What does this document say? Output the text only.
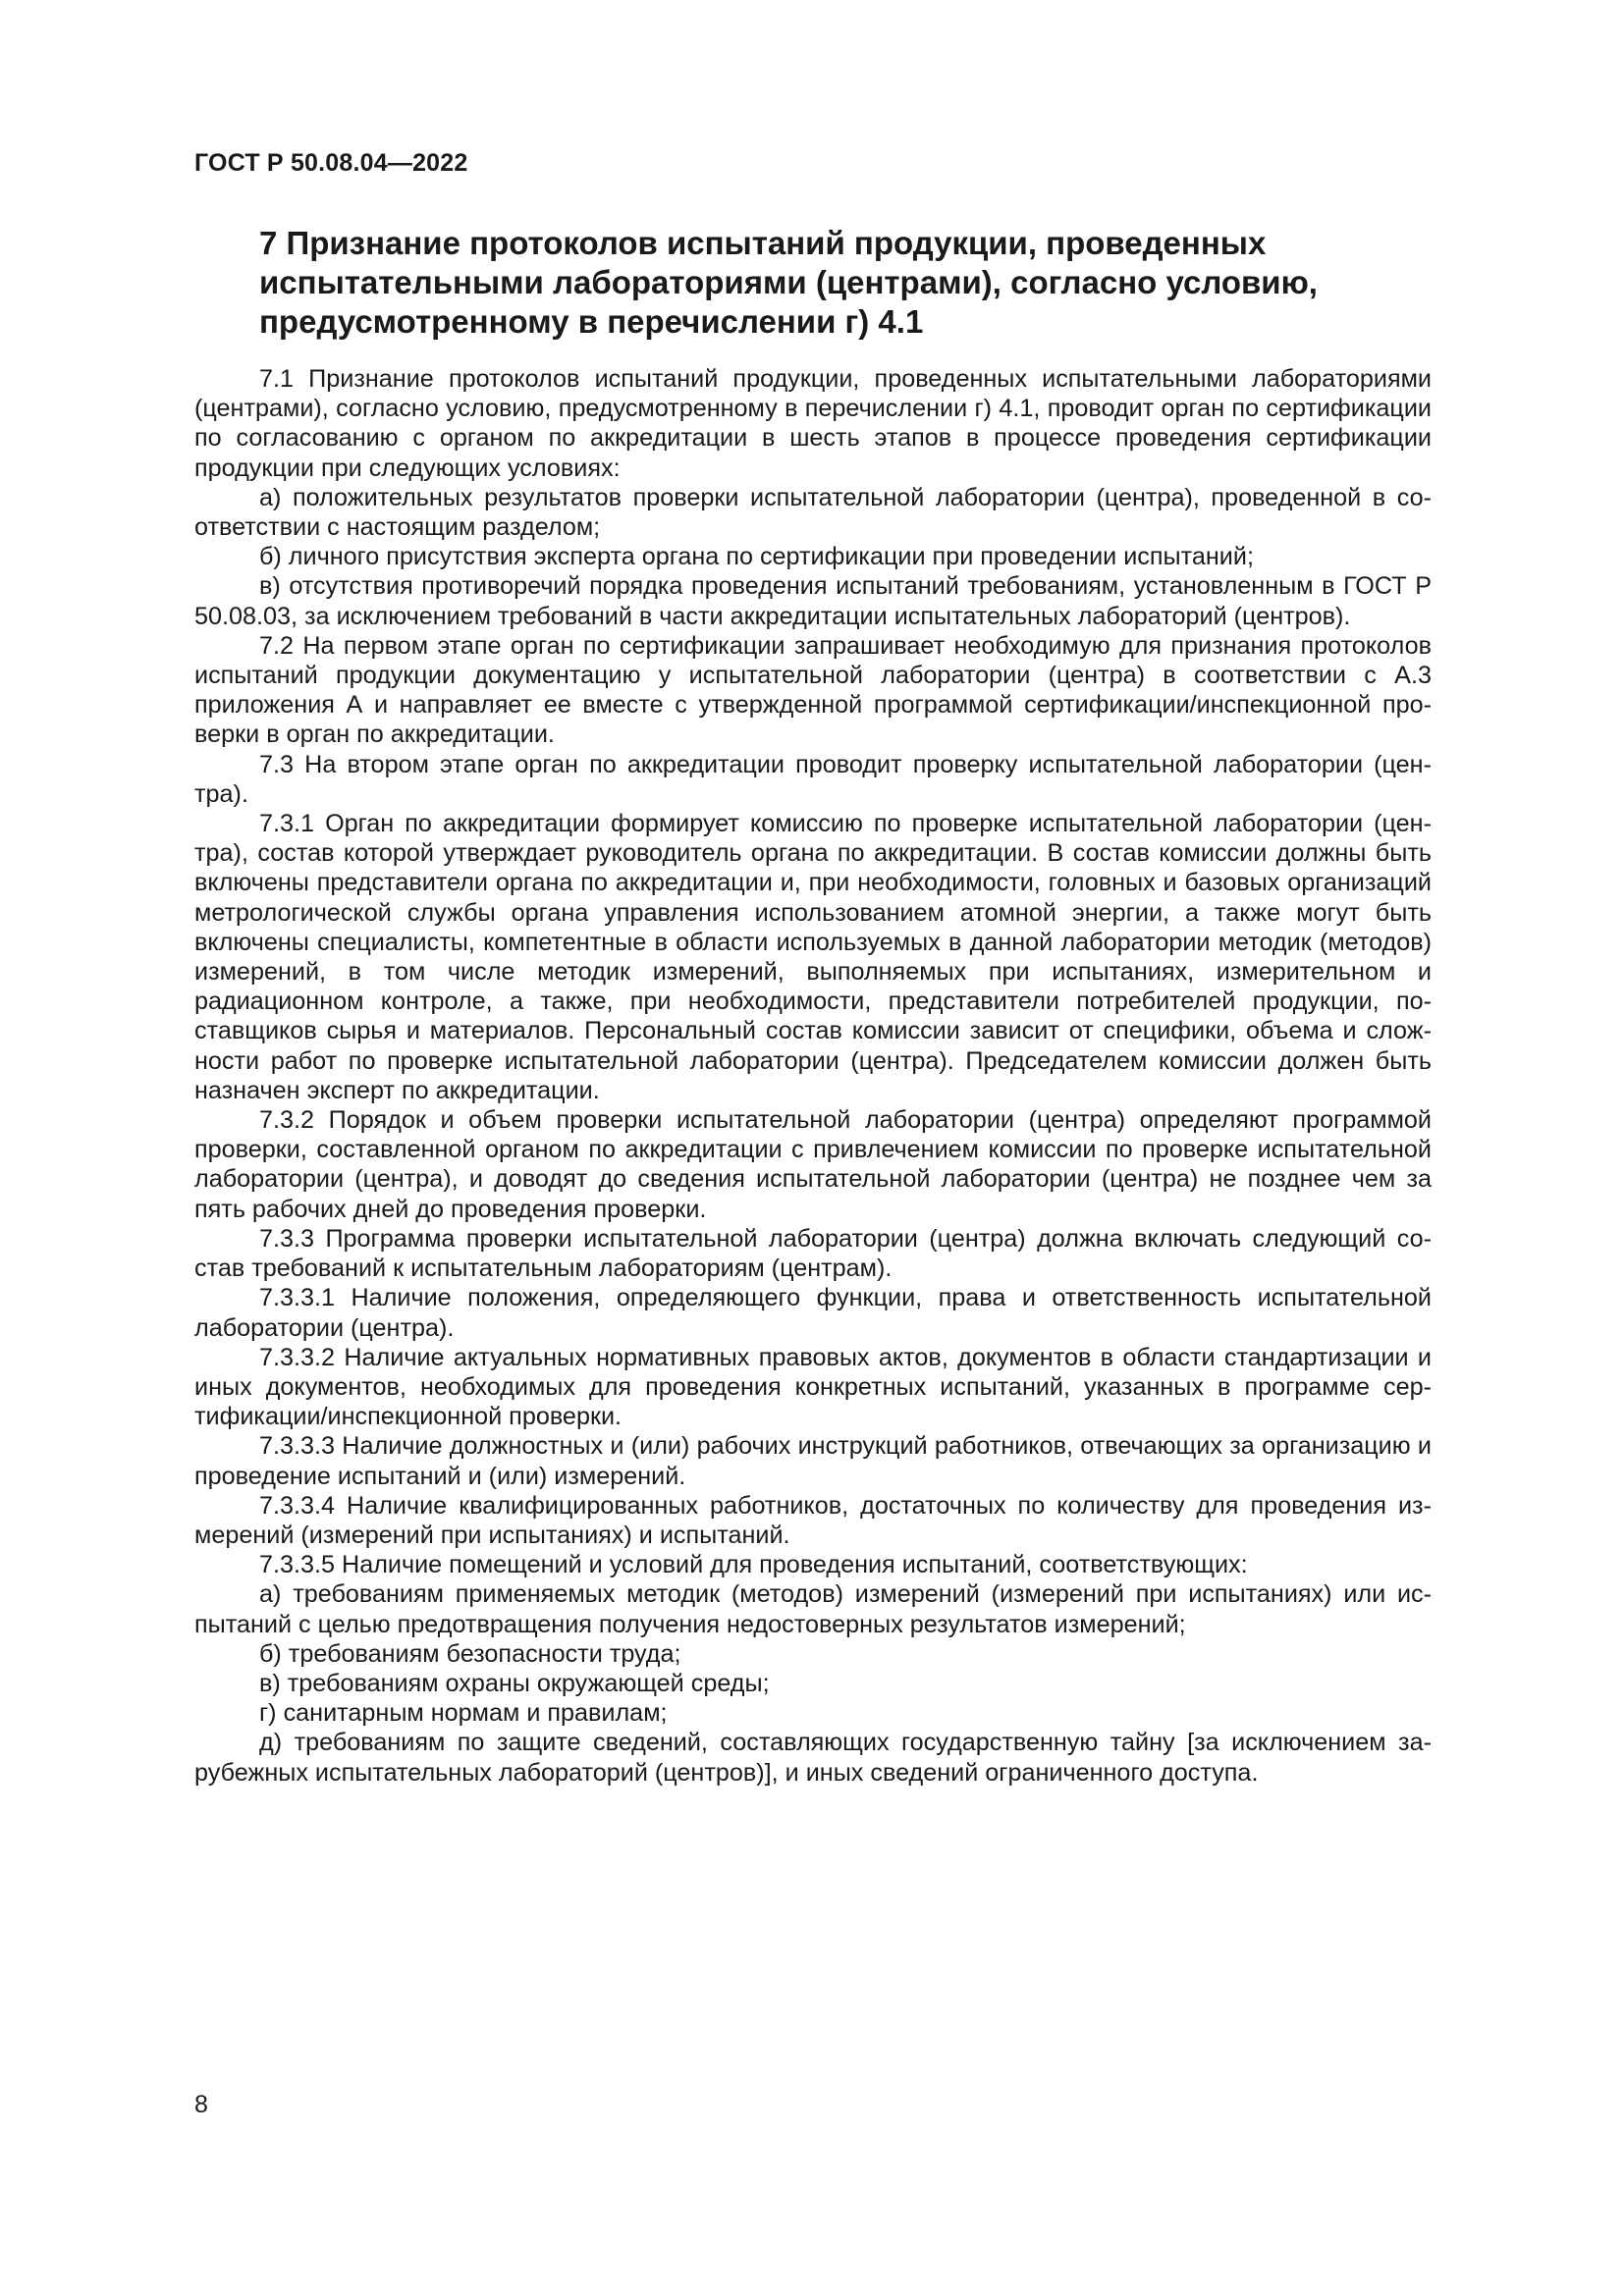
ГОСТ Р 50.08.04—2022
7 Признание протоколов испытаний продукции, проведенных испытательными лабораториями (центрами), согласно условию, предусмотренному в перечислении г) 4.1

7.1 Признание протоколов испытаний продукции, проведенных испытательными лабораториями (центрами), согласно условию, предусмотренному в перечислении г) 4.1, проводит орган по сертификации по согласованию с органом по аккредитации в шесть этапов в процессе проведения сертификации продукции при следующих условиях:

а) положительных результатов проверки испытательной лаборатории (центра), проведенной в соответствии с настоящим разделом;

б) личного присутствия эксперта органа по сертификации при проведении испытаний;

в) отсутствия противоречий порядка проведения испытаний требованиям, установленным в ГОСТ Р 50.08.03, за исключением требований в части аккредитации испытательных лабораторий (центров).

7.2 На первом этапе орган по сертификации запрашивает необходимую для признания протоколов испытаний продукции документацию у испытательной лаборатории (центра) в соответствии с А.3 приложения А и направляет ее вместе с утвержденной программой сертификации/инспекционной проверки в орган по аккредитации.

7.3 На втором этапе орган по аккредитации проводит проверку испытательной лаборатории (центра).

7.3.1 Орган по аккредитации формирует комиссию по проверке испытательной лаборатории (центра), состав которой утверждает руководитель органа по аккредитации. В состав комиссии должны быть включены представители органа по аккредитации и, при необходимости, головных и базовых организаций метрологической службы органа управления использованием атомной энергии, а также могут быть включены специалисты, компетентные в области используемых в данной лаборатории методик (методов) измерений, в том числе методик измерений, выполняемых при испытаниях, измерительном и радиационном контроле, а также, при необходимости, представители потребителей продукции, поставщиков сырья и материалов. Персональный состав комиссии зависит от специфики, объема и сложности работ по проверке испытательной лаборатории (центра). Председателем комиссии должен быть назначен эксперт по аккредитации.

7.3.2 Порядок и объем проверки испытательной лаборатории (центра) определяют программой проверки, составленной органом по аккредитации с привлечением комиссии по проверке испытательной лаборатории (центра), и доводят до сведения испытательной лаборатории (центра) не позднее чем за пять рабочих дней до проведения проверки.

7.3.3 Программа проверки испытательной лаборатории (центра) должна включать следующий состав требований к испытательным лабораториям (центрам).

7.3.3.1 Наличие положения, определяющего функции, права и ответственность испытательной лаборатории (центра).

7.3.3.2 Наличие актуальных нормативных правовых актов, документов в области стандартизации и иных документов, необходимых для проведения конкретных испытаний, указанных в программе сертификации/инспекционной проверки.

7.3.3.3 Наличие должностных и (или) рабочих инструкций работников, отвечающих за организацию и проведение испытаний и (или) измерений.

7.3.3.4 Наличие квалифицированных работников, достаточных по количеству для проведения измерений (измерений при испытаниях) и испытаний.

7.3.3.5 Наличие помещений и условий для проведения испытаний, соответствующих:

а) требованиям применяемых методик (методов) измерений (измерений при испытаниях) или испытаний с целью предотвращения получения недостоверных результатов измерений;

б) требованиям безопасности труда;

в) требованиям охраны окружающей среды;

г) санитарным нормам и правилам;

д) требованиям по защите сведений, составляющих государственную тайну [за исключением зарубежных испытательных лабораторий (центров)], и иных сведений ограниченного доступа.

8
